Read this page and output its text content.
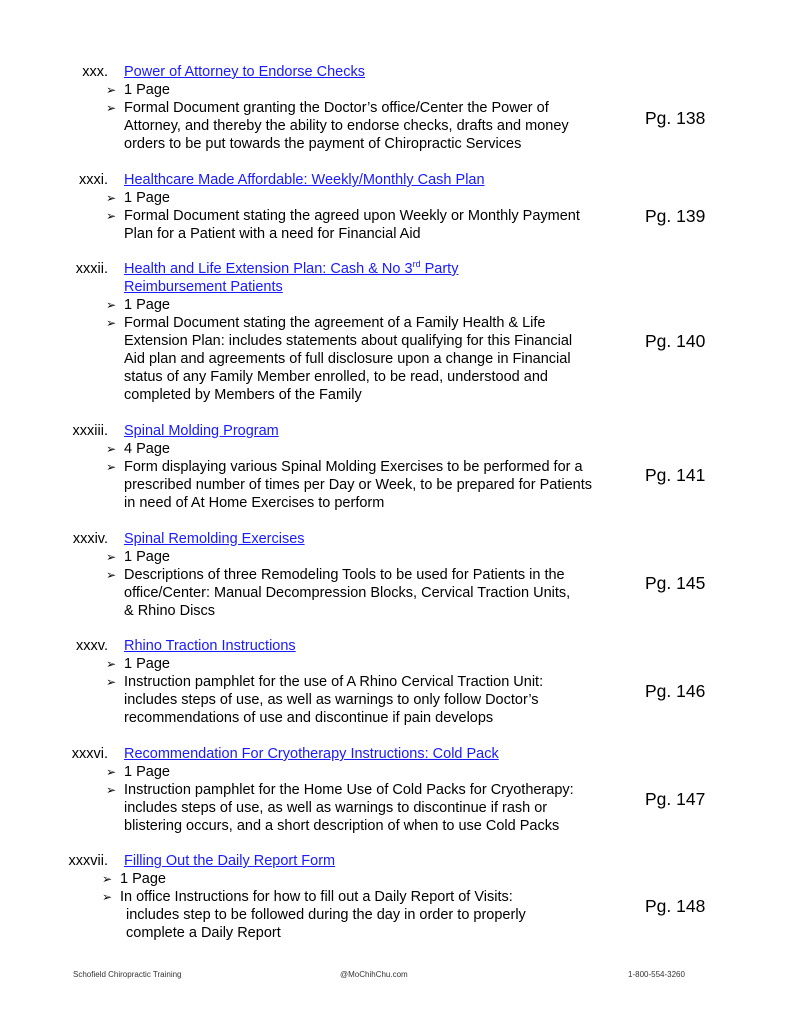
xxx. Power of Attorney to Endorse Checks
➢ 1 Page
➢ Formal Document granting the Doctor’s office/Center the Power of
Attorney, and thereby the ability to endorse checks, drafts and money
orders to be put towards the payment of Chiropractic Services
Pg. 138
xxxi. Healthcare Made Affordable: Weekly/Monthly Cash Plan
➢ 1 Page
➢ Formal Document stating the agreed upon Weekly or Monthly Payment
Plan for a Patient with a need for Financial Aid
Pg. 139
xxxii. Health and Life Extension Plan: Cash & No 3rd Party
Reimbursement Patients
➢ 1 Page
➢ Formal Document stating the agreement of a Family Health & Life
Extension Plan: includes statements about qualifying for this Financial
Aid plan and agreements of full disclosure upon a change in Financial
status of any Family Member enrolled, to be read, understood and
completed by Members of the Family
Pg. 140
xxxiii. Spinal Molding Program
➢ 4 Page
➢ Form displaying various Spinal Molding Exercises to be performed for a
prescribed number of times per Day or Week, to be prepared for Patients
in need of At Home Exercises to perform
Pg. 141
xxxiv. Spinal Remolding Exercises
➢ 1 Page
➢ Descriptions of three Remodeling Tools to be used for Patients in the
office/Center: Manual Decompression Blocks, Cervical Traction Units,
& Rhino Discs
Pg. 145
xxxv. Rhino Traction Instructions
➢ 1 Page
➢ Instruction pamphlet for the use of A Rhino Cervical Traction Unit:
includes steps of use, as well as warnings to only follow Doctor’s
recommendations of use and discontinue if pain develops
Pg. 146
xxxvi. Recommendation For Cryotherapy Instructions: Cold Pack
➢ 1 Page
➢ Instruction pamphlet for the Home Use of Cold Packs for Cryotherapy:
includes steps of use, as well as warnings to discontinue if rash or
blistering occurs, and a short description of when to use Cold Packs
Pg. 147
xxxvii. Filling Out the Daily Report Form
➢ 1 Page
➢ In office Instructions for how to fill out a Daily Report of Visits:
includes step to be followed during the day in order to properly
complete a Daily Report
Pg. 148
Schofield Chiropractic Training	@MoChihChu.com	1-800-554-3260
